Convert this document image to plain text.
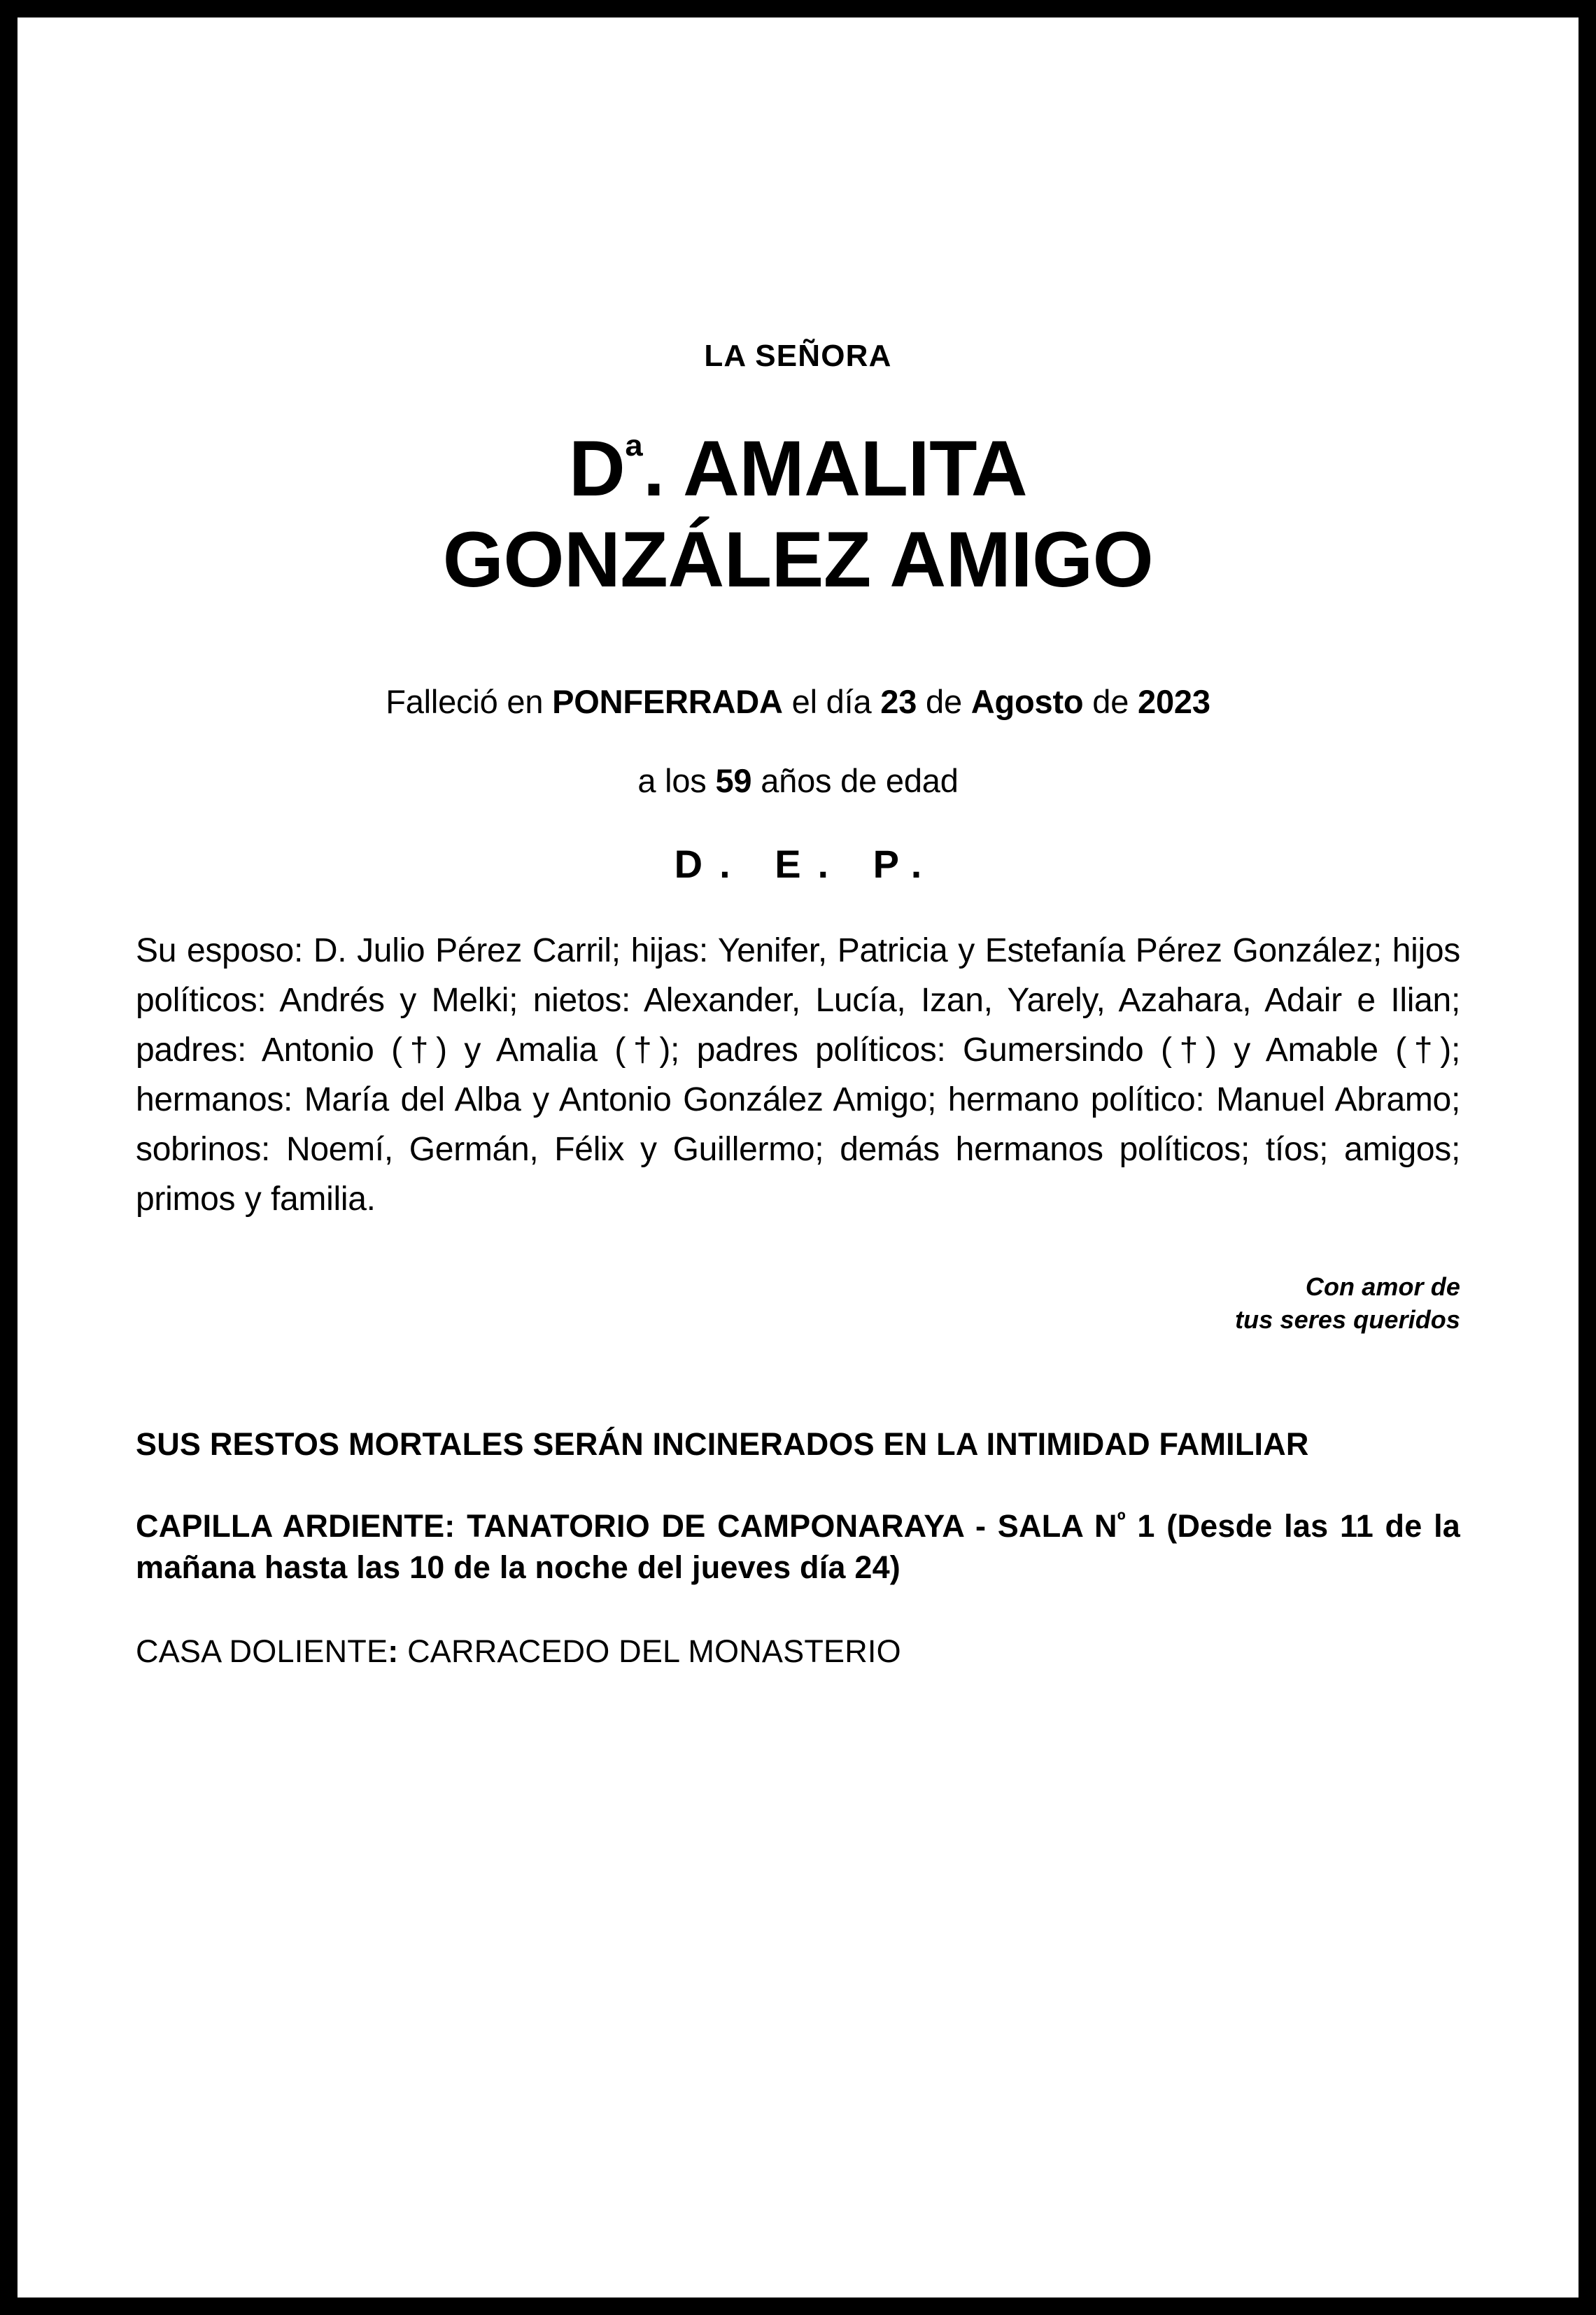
LA SEÑORA
$D^ª$. AMALITA
GONZÁLEZ AMIGO
Falleció en PONFERRADA el día 23 de Agosto de 2023
a los 59 años de edad
D. E. P.
Su esposo: D. Julio Pérez Carril; hijas: Yenifer, Patricia y Estefanía Pérez González; hijos políticos: Andrés y Melki; nietos: Alexander, Lucía, Izan, Yarely, Azahara, Adair e Ilian; padres: Antonio (†) y Amalia (†); padres políticos: Gumersindo (†) y Amable (†); hermanos: María del Alba y Antonio González Amigo; hermano político: Manuel Abramo; sobrinos: Noemí, Germán, Félix y Guillermo; demás hermanos políticos; tíos; amigos; primos y familia.
Con amor de
tus seres queridos
SUS RESTOS MORTALES SERÁN INCINERADOS EN LA INTIMIDAD FAMILIAR
CAPILLA ARDIENTE: TANATORIO DE CAMPONARAYA - SALA $N^º$ 1 (Desde las 11 de la mañana hasta las 10 de la noche del jueves día 24)
CASA DOLIENTE: CARRACEDO DEL MONASTERIO
